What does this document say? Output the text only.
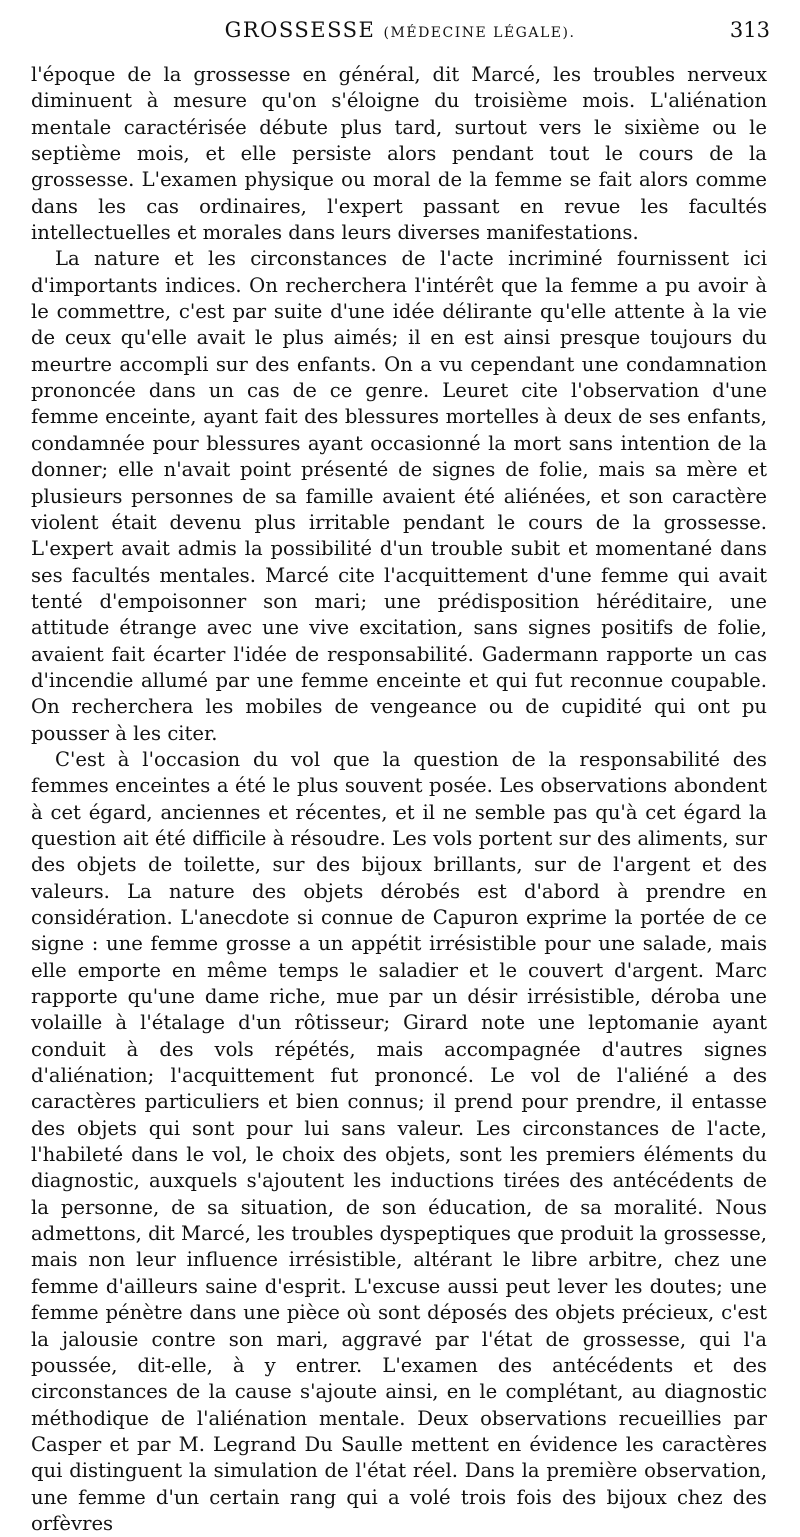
GROSSESSE (MÉDECINE LÉGALE).	313

l'époque de la grossesse en général, dit Marcé, les troubles nerveux diminuent à mesure qu'on s'éloigne du troisième mois. L'aliénation mentale caractérisée débute plus tard, surtout vers le sixième ou le septième mois, et elle persiste alors pendant tout le cours de la grossesse. L'examen physique ou moral de la femme se fait alors comme dans les cas ordinaires, l'expert passant en revue les facultés intellectuelles et morales dans leurs diverses manifestations.

La nature et les circonstances de l'acte incriminé fournissent ici d'importants indices. On recherchera l'intérêt que la femme a pu avoir à le commettre, c'est par suite d'une idée délirante qu'elle attente à la vie de ceux qu'elle avait le plus aimés; il en est ainsi presque toujours du meurtre accompli sur des enfants. On a vu cependant une condamnation prononcée dans un cas de ce genre. Leuret cite l'observation d'une femme enceinte, ayant fait des blessures mortelles à deux de ses enfants, condamnée pour blessures ayant occasionné la mort sans intention de la donner; elle n'avait point présenté de signes de folie, mais sa mère et plusieurs personnes de sa famille avaient été aliénées, et son caractère violent était devenu plus irritable pendant le cours de la grossesse. L'expert avait admis la possibilité d'un trouble subit et momentané dans ses facultés mentales. Marcé cite l'acquittement d'une femme qui avait tenté d'empoisonner son mari; une prédisposition héréditaire, une attitude étrange avec une vive excitation, sans signes positifs de folie, avaient fait écarter l'idée de responsabilité. Gadermann rapporte un cas d'incendie allumé par une femme enceinte et qui fut reconnue coupable. On recherchera les mobiles de vengeance ou de cupidité qui ont pu pousser à les citer.

C'est à l'occasion du vol que la question de la responsabilité des femmes enceintes a été le plus souvent posée. Les observations abondent à cet égard, anciennes et récentes, et il ne semble pas qu'à cet égard la question ait été difficile à résoudre. Les vols portent sur des aliments, sur des objets de toilette, sur des bijoux brillants, sur de l'argent et des valeurs. La nature des objets dérobés est d'abord à prendre en considération. L'anecdote si connue de Capuron exprime la portée de ce signe : une femme grosse a un appétit irrésistible pour une salade, mais elle emporte en même temps le saladier et le couvert d'argent. Marc rapporte qu'une dame riche, mue par un désir irrésistible, déroba une volaille à l'étalage d'un rôtisseur; Girard note une leptomanie ayant conduit à des vols répétés, mais accompagnée d'autres signes d'aliénation; l'acquittement fut prononcé. Le vol de l'aliéné a des caractères particuliers et bien connus; il prend pour prendre, il entasse des objets qui sont pour lui sans valeur. Les circonstances de l'acte, l'habileté dans le vol, le choix des objets, sont les premiers éléments du diagnostic, auxquels s'ajoutent les inductions tirées des antécédents de la personne, de sa situation, de son éducation, de sa moralité. Nous admettons, dit Marcé, les troubles dyspeptiques que produit la grossesse, mais non leur influence irrésistible, altérant le libre arbitre, chez une femme d'ailleurs saine d'esprit. L'excuse aussi peut lever les doutes; une femme pénètre dans une pièce où sont déposés des objets précieux, c'est la jalousie contre son mari, aggravé par l'état de grossesse, qui l'a poussée, dit-elle, à y entrer. L'examen des antécédents et des circonstances de la cause s'ajoute ainsi, en le complétant, au diagnostic méthodique de l'aliénation mentale. Deux observations recueillies par Casper et par M. Legrand Du Saulle mettent en évidence les caractères qui distinguent la simulation de l'état réel. Dans la première observation, une femme d'un certain rang qui a volé trois fois des bijoux chez des orfèvres
